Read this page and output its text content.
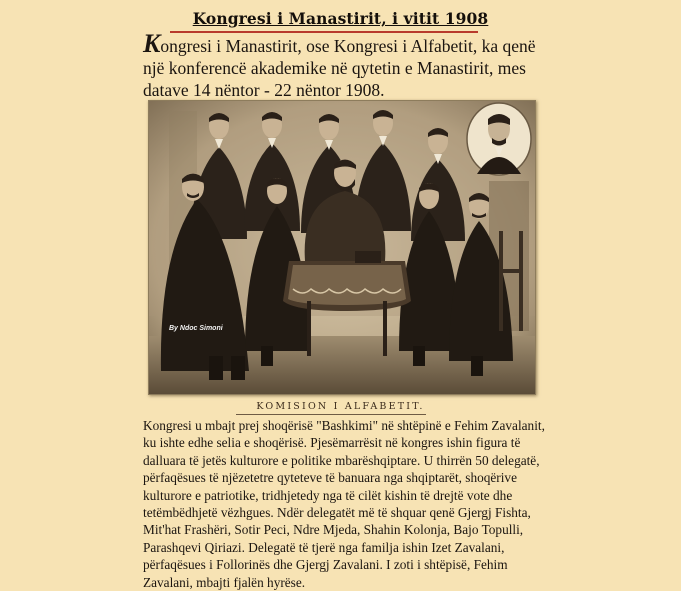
Kongresi i Manastirit, i vitit 1908
Kongresi i Manastirit, ose Kongresi i Alfabetit, ka qenë një konferencë akademike në qytetin e Manastirit, mes datave 14 nëntor - 22 nëntor 1908.
By Ndoc Simoni
KOMISION I ALFABETIT.
Kongresi u mbajt prej shoqërisë "Bashkimi" në shtëpinë e Fehim Zavalanit, ku ishte edhe selia e shoqërisë. Pjesëmarrësit në kongres ishin figura të dalluara të jetës kulturore e politike mbarëshqiptare. U thirrën 50 delegatë, përfaqësues të njëzetetre qyteteve të banuara nga shqiptarët, shoqërive kulturore e patriotike, tridhjetedy nga të cilët kishin të drejtë vote dhe tetëmbëdhjetë vëzhgues. Ndër delegatët më të shquar qenë Gjergj Fishta, Mit'hat Frashëri, Sotir Peci, Ndre Mjeda, Shahin Kolonja, Bajo Topulli, Parashqevi Qiriazi. Delegatë të tjerë nga familja ishin Izet Zavalani, përfaqësues i Follorinës dhe Gjergj Zavalani. I zoti i shtëpisë, Fehim Zavalani, mbajti fjalën hyrëse.
